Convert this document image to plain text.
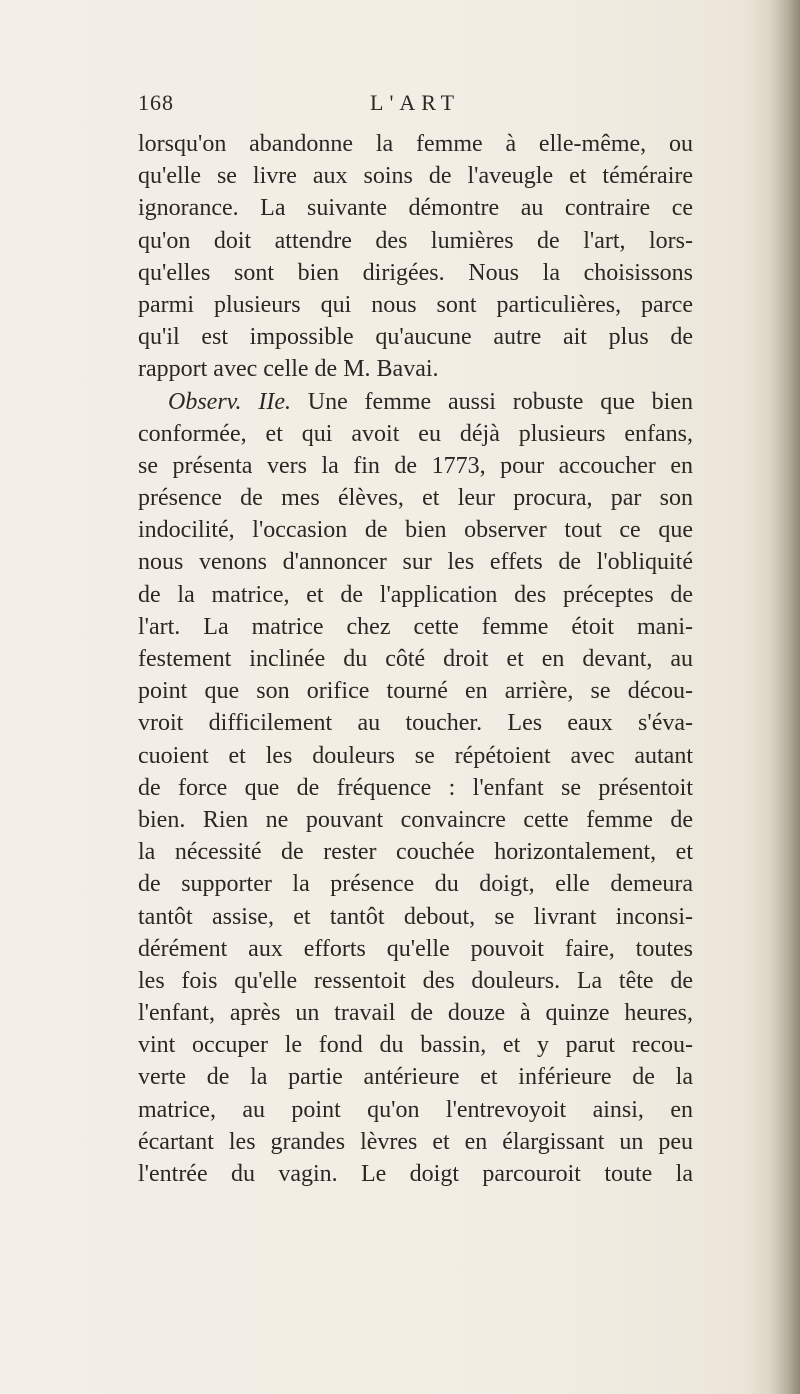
168	L'ART
lorsqu'on abandonne la femme à elle-même, ou
qu'elle se livre aux soins de l'aveugle et téméraire
ignorance. La suivante démontre au contraire ce
qu'on doit attendre des lumières de l'art, lors-
qu'elles sont bien dirigées. Nous la choisissons
parmi plusieurs qui nous sont particulières, parce
qu'il est impossible qu'aucune autre ait plus de
rapport avec celle de M. Bavai.
Observ. IIe. Une femme aussi robuste que bien
conformée, et qui avoit eu déjà plusieurs enfans,
se présenta vers la fin de 1773, pour accoucher en
présence de mes élèves, et leur procura, par son
indocilité, l'occasion de bien observer tout ce que
nous venons d'annoncer sur les effets de l'obliquité
de la matrice, et de l'application des préceptes de
l'art. La matrice chez cette femme étoit mani-
festement inclinée du côté droit et en devant, au
point que son orifice tourné en arrière, se décou-
vroit difficilement au toucher. Les eaux s'éva-
cuoient et les douleurs se répétoient avec autant
de force que de fréquence : l'enfant se présentoit
bien. Rien ne pouvant convaincre cette femme de
la nécessité de rester couchée horizontalement, et
de supporter la présence du doigt, elle demeura
tantôt assise, et tantôt debout, se livrant inconsi-
dérément aux efforts qu'elle pouvoit faire, toutes
les fois qu'elle ressentoit des douleurs. La tête de
l'enfant, après un travail de douze à quinze heures,
vint occuper le fond du bassin, et y parut recou-
verte de la partie antérieure et inférieure de la
matrice, au point qu'on l'entrevoyoit ainsi, en
écartant les grandes lèvres et en élargissant un peu
l'entrée du vagin. Le doigt parcouroit toute la
